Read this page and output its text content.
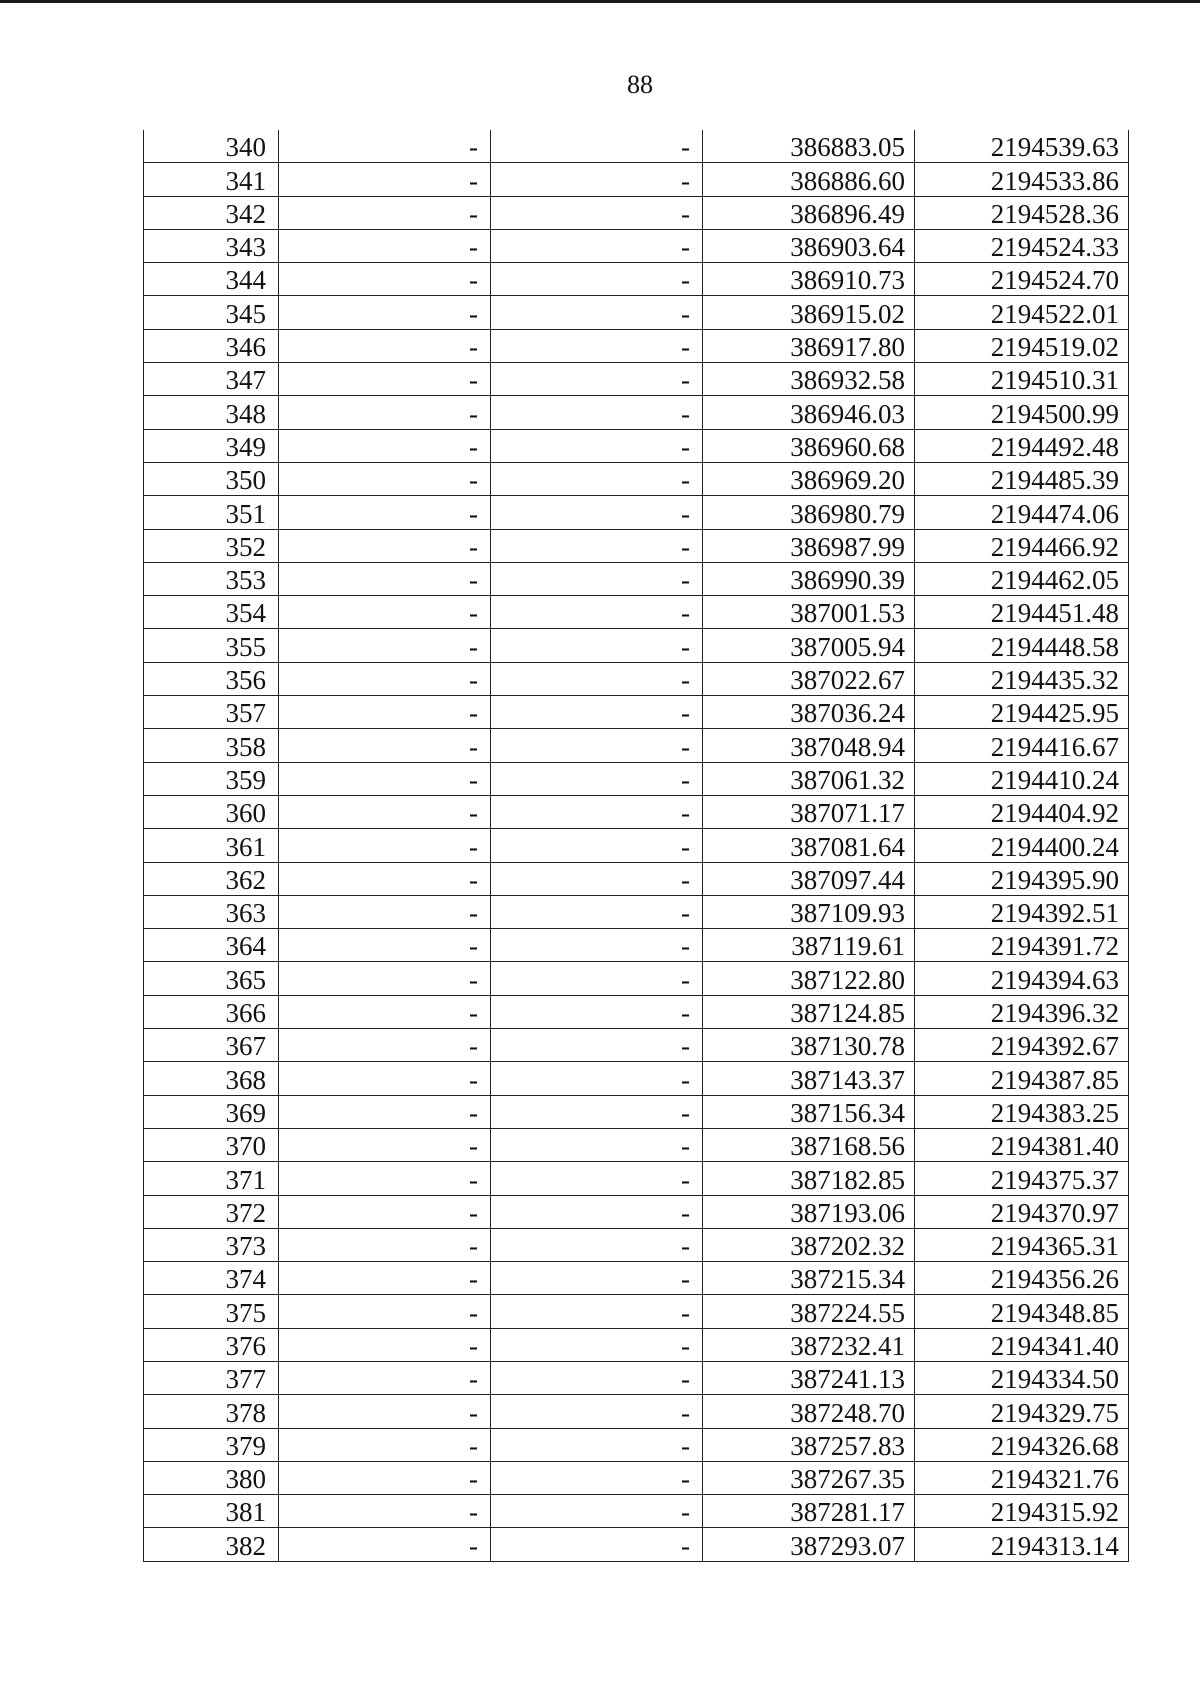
88
340	-	-	386883.05	2194539.63
341	-	-	386886.60	2194533.86
342	-	-	386896.49	2194528.36
343	-	-	386903.64	2194524.33
344	-	-	386910.73	2194524.70
345	-	-	386915.02	2194522.01
346	-	-	386917.80	2194519.02
347	-	-	386932.58	2194510.31
348	-	-	386946.03	2194500.99
349	-	-	386960.68	2194492.48
350	-	-	386969.20	2194485.39
351	-	-	386980.79	2194474.06
352	-	-	386987.99	2194466.92
353	-	-	386990.39	2194462.05
354	-	-	387001.53	2194451.48
355	-	-	387005.94	2194448.58
356	-	-	387022.67	2194435.32
357	-	-	387036.24	2194425.95
358	-	-	387048.94	2194416.67
359	-	-	387061.32	2194410.24
360	-	-	387071.17	2194404.92
361	-	-	387081.64	2194400.24
362	-	-	387097.44	2194395.90
363	-	-	387109.93	2194392.51
364	-	-	387119.61	2194391.72
365	-	-	387122.80	2194394.63
366	-	-	387124.85	2194396.32
367	-	-	387130.78	2194392.67
368	-	-	387143.37	2194387.85
369	-	-	387156.34	2194383.25
370	-	-	387168.56	2194381.40
371	-	-	387182.85	2194375.37
372	-	-	387193.06	2194370.97
373	-	-	387202.32	2194365.31
374	-	-	387215.34	2194356.26
375	-	-	387224.55	2194348.85
376	-	-	387232.41	2194341.40
377	-	-	387241.13	2194334.50
378	-	-	387248.70	2194329.75
379	-	-	387257.83	2194326.68
380	-	-	387267.35	2194321.76
381	-	-	387281.17	2194315.92
382	-	-	387293.07	2194313.14
